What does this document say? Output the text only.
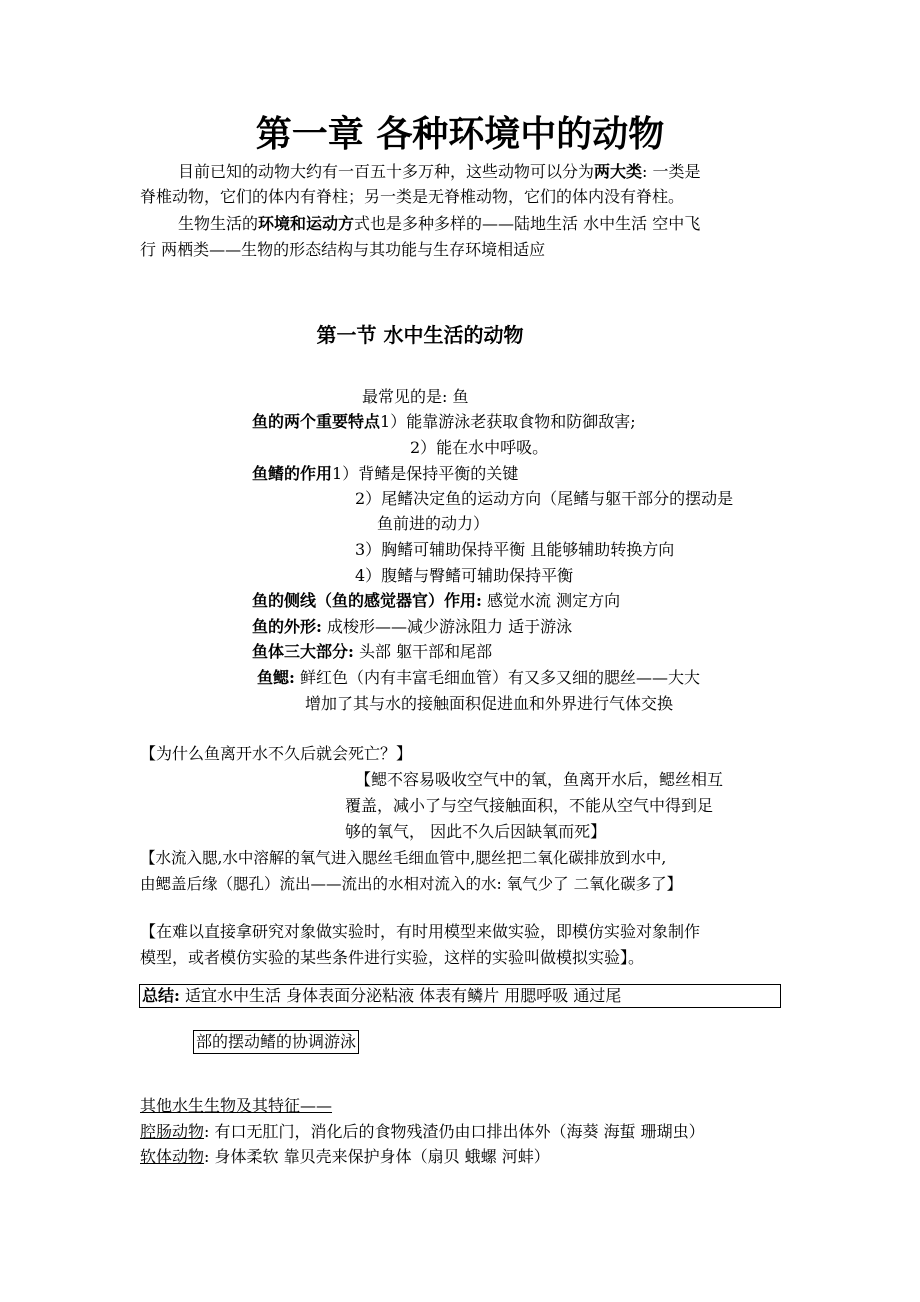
第一章 各种环境中的动物
目前已知的动物大约有一百五十多万种，这些动物可以分为两大类: 一类是
脊椎动物，它们的体内有脊柱；另一类是无脊椎动物，它们的体内没有脊柱。
生物生活的环境和运动方式也是多种多样的——陆地生活 水中生活 空中飞
行 两栖类——生物的形态结构与其功能与生存环境相适应
第一节 水中生活的动物
最常见的是: 鱼
鱼的两个重要特点1）能靠游泳老获取食物和防御敌害;
2）能在水中呼吸。
鱼鳍的作用1）背鳍是保持平衡的关键
2）尾鳍决定鱼的运动方向（尾鳍与躯干部分的摆动是
鱼前进的动力）
3）胸鳍可辅助保持平衡 且能够辅助转换方向
4）腹鳍与臀鳍可辅助保持平衡
鱼的侧线（鱼的感觉器官）作用: 感觉水流 测定方向
鱼的外形: 成梭形——减少游泳阻力 适于游泳
鱼体三大部分: 头部 躯干部和尾部
鱼鳃: 鲜红色（内有丰富毛细血管）有又多又细的腮丝——大大
增加了其与水的接触面积促进血和外界进行气体交换
【为什么鱼离开水不久后就会死亡？】
【鳃不容易吸收空气中的氧，鱼离开水后，鳃丝相互
覆盖，减小了与空气接触面积，不能从空气中得到足
够的氧气， 因此不久后因缺氧而死】
【水流入腮,水中溶解的氧气进入腮丝毛细血管中,腮丝把二氧化碳排放到水中,
由鳃盖后缘（腮孔）流出——流出的水相对流入的水: 氧气少了 二氧化碳多了】
【在难以直接拿研究对象做实验时，有时用模型来做实验，即模仿实验对象制作
模型，或者模仿实验的某些条件进行实验，这样的实验叫做模拟实验】。
总结: 适宜水中生活 身体表面分泌粘液 体表有鳞片 用腮呼吸 通过尾
部的摆动鳍的协调游泳
其他水生生物及其特征——
腔肠动物: 有口无肛门，消化后的食物残渣仍由口排出体外（海葵 海蜇 珊瑚虫）
软体动物: 身体柔软 靠贝壳来保护身体（扇贝 蛾螺 河蚌）
